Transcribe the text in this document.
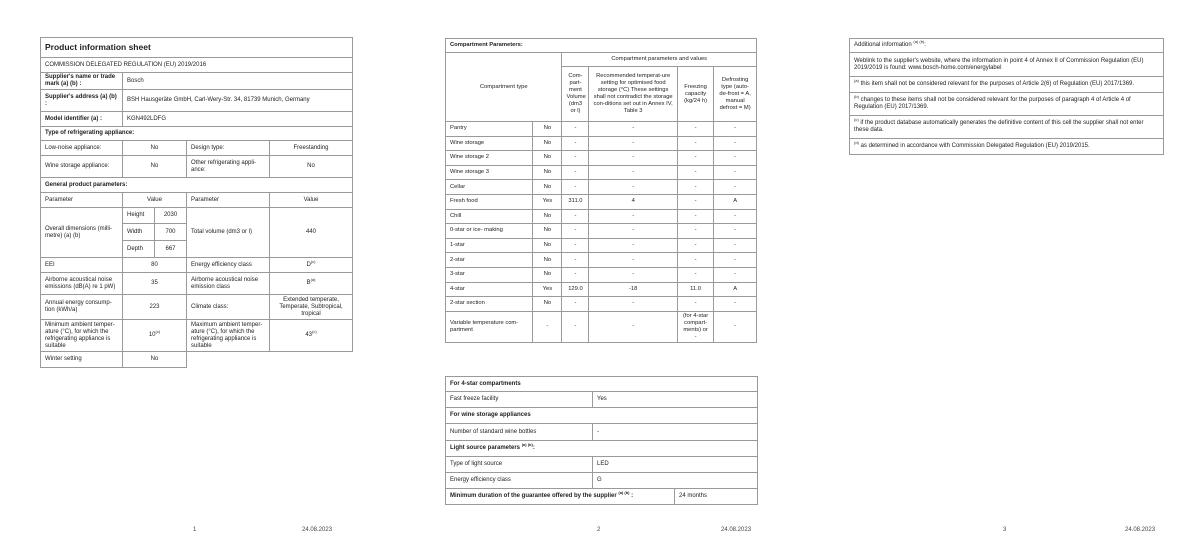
Product information sheet				
COMMISSION DELEGATED REGULATION (EU) 2019/2016				
Supplier's name or trade mark (a) (b) :	Bosch			
Supplier's address (a) (b) :	BSH Hausgeräte GmbH, Carl-Wery-Str. 34, 81739 Munich, Germany			
Model identifier (a) :	KGN492LDFG			
Type of refrigerating appliance:				
Low-noise appliance:	No		Design type:	Freestanding
Wine storage appliance:	No		Other refrigerating appli-ance:	No
General product parameters:				
Parameter	Value		Parameter	Value
Overall dimensions (milli-metre) (a) (b)	Height	2030	Total volume (dm3 or l)	440
	Width	700		
	Depth	667		
EEI	80		Energy efficiency class	$D^{(c)}$
Airborne acoustical noise emissions (dB(A) re 1 pW)	35		Airborne acoustical noise emission class	$B^{(a)}$
Annual energy consump-tion (kWh/a)	223		Climate class:	Extended temperate, Temperate, Subtropical, tropical
Minimum ambient temper-ature (°C), for which the refrigerating appliance is suitable	10$^{(c)}$		Maximum ambient temper-ature (°C), for which the refrigerating appliance is suitable	43$^{(c)}$
Winter setting	No			
1	24.08.2023
Compartment Parameters:					
Compartment type		Compartment parameters and values			
		Com-part-ment Volume (dm3 or l)	Recommended temperat-ure setting for optimised food storage (°C) These settings shall not contradict the storage con-ditions set out in Annex IV, Table 3	Freezing capacity (kg/24 h)	Defrosting type (auto-de-frost = A, manual defrost = M)
Pantry	No	-	-	-	-
Wine storage	No	-	-	-	-
Wine storage 2	No	-	-	-	-
Wine storage 3	No	-	-	-	-
Cellar	No	-	-	-	-
Fresh food	Yes	311.0	4	-	A
Chill	No	-	-	-	-
0-star or ice- making	No	-	-	-	-
1-star	No	-	-	-	-
2-star	No	-	-	-	-
3-star	No	-	-	-	-
4-star	Yes	129.0	-18	11.0	A
2-star section	No	-	-	-	-
Variable temperature com-partment	-	-	-	(for 4-star compart-ments) or -	-
For 4-star compartments		
Fast freeze facility	Yes	
For wine storage appliances		
Number of standard wine bottles	-	
Light source parameters $^{(a) (b)}$:		
Type of light source	LED	
Energy efficiency class	G	
Minimum duration of the guarantee offered by the supplier $^{(a) (b)}$ :		24 months
2	24.08.2023
Additional information $^{(a) (b)}$:
Weblink to the supplier's website, where the information in point 4 of Annex II of Commission Regulation (EU) 2019/2019 is found: www.bosch-home.com/energylabel
$^{(a)}$ this item shall not be considered relevant for the purposes of Article 2(6) of Regulation (EU) 2017/1369.
$^{(b)}$ changes to these items shall not be considered relevant for the purposes of paragraph 4 of Article 4 of Regulation (EU) 2017/1369.
$^{(c)}$ if the product database automatically generates the definitive content of this cell the supplier shall not enter these data.
$^{(d)}$ as determined in accordance with Commission Delegated Regulation (EU) 2019/2015.
3	24.08.2023
